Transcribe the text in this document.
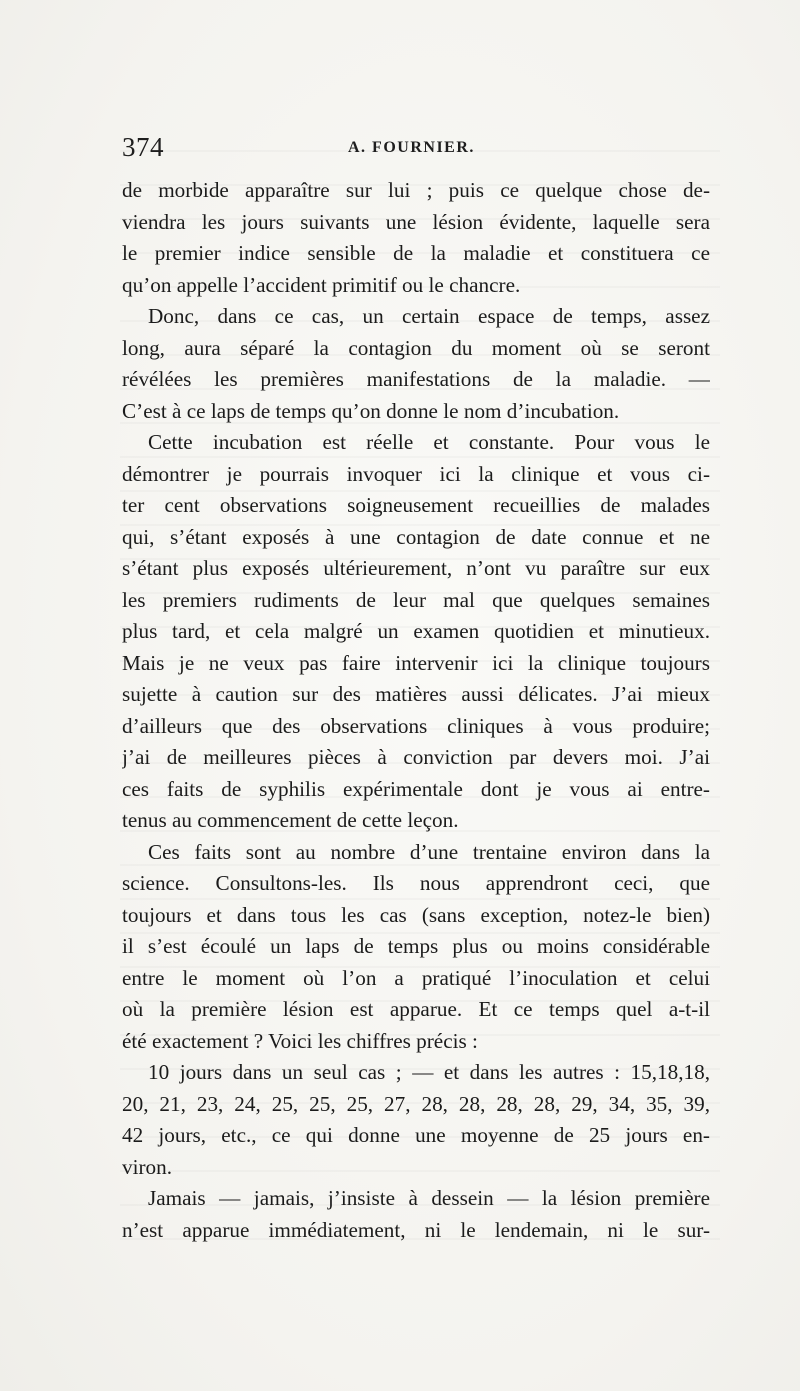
374	A. FOURNIER.
de morbide apparaître sur lui ; puis ce quelque chose de-
viendra les jours suivants une lésion évidente, laquelle sera
le premier indice sensible de la maladie et constituera ce
qu’on appelle l’accident primitif ou le chancre.
Donc, dans ce cas, un certain espace de temps, assez
long, aura séparé la contagion du moment où se seront
révélées les premières manifestations de la maladie. —
C’est à ce laps de temps qu’on donne le nom d’incubation.
Cette incubation est réelle et constante. Pour vous le
démontrer je pourrais invoquer ici la clinique et vous ci-
ter cent observations soigneusement recueillies de malades
qui, s’étant exposés à une contagion de date connue et ne
s’étant plus exposés ultérieurement, n’ont vu paraître sur eux
les premiers rudiments de leur mal que quelques semaines
plus tard, et cela malgré un examen quotidien et minutieux.
Mais je ne veux pas faire intervenir ici la clinique toujours
sujette à caution sur des matières aussi délicates. J’ai mieux
d’ailleurs que des observations cliniques à vous produire;
j’ai de meilleures pièces à conviction par devers moi. J’ai
ces faits de syphilis expérimentale dont je vous ai entre-
tenus au commencement de cette leçon.
Ces faits sont au nombre d’une trentaine environ dans la
science. Consultons-les. Ils nous apprendront ceci, que
toujours et dans tous les cas (sans exception, notez-le bien)
il s’est écoulé un laps de temps plus ou moins considérable
entre le moment où l’on a pratiqué l’inoculation et celui
où la première lésion est apparue. Et ce temps quel a-t-il
été exactement ? Voici les chiffres précis :
10 jours dans un seul cas ; — et dans les autres : 15,18,18,
20, 21, 23, 24, 25, 25, 25, 27, 28, 28, 28, 28, 29, 34, 35, 39,
42 jours, etc., ce qui donne une moyenne de 25 jours en-
viron.
Jamais — jamais, j’insiste à dessein — la lésion première
n’est apparue immédiatement, ni le lendemain, ni le sur-
